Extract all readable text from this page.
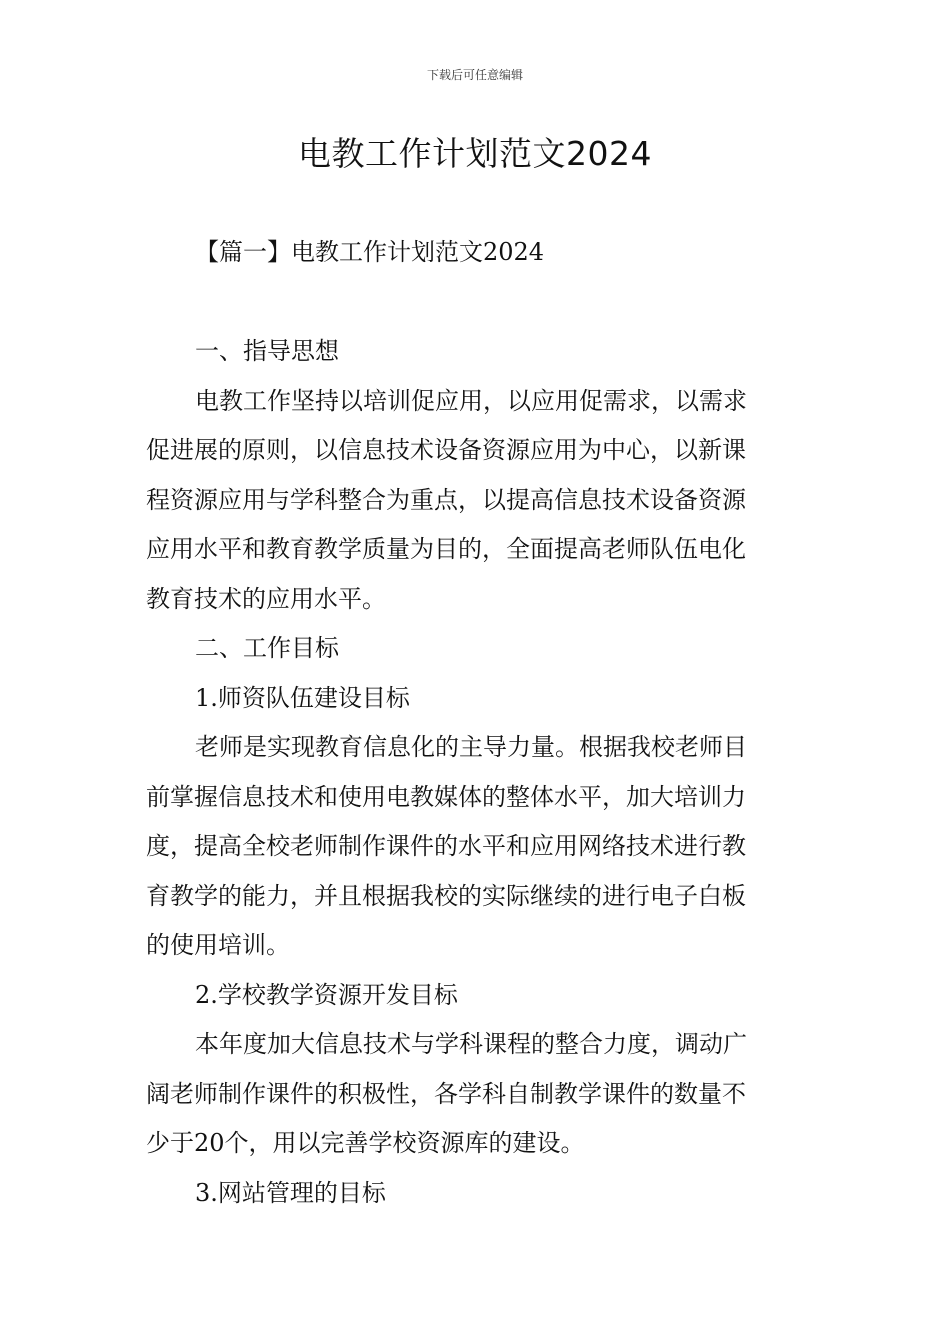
下载后可任意编辑
电教工作计划范文2024
【篇一】电教工作计划范文2024
一、指导思想
电教工作坚持以培训促应用，以应用促需求，以需求
促进展的原则，以信息技术设备资源应用为中心，以新课
程资源应用与学科整合为重点，以提高信息技术设备资源
应用水平和教育教学质量为目的，全面提高老师队伍电化
教育技术的应用水平。
二、工作目标
1.师资队伍建设目标
老师是实现教育信息化的主导力量。根据我校老师目
前掌握信息技术和使用电教媒体的整体水平，加大培训力
度，提高全校老师制作课件的水平和应用网络技术进行教
育教学的能力，并且根据我校的实际继续的进行电子白板
的使用培训。
2.学校教学资源开发目标
本年度加大信息技术与学科课程的整合力度，调动广
阔老师制作课件的积极性，各学科自制教学课件的数量不
少于20个，用以完善学校资源库的建设。
3.网站管理的目标
